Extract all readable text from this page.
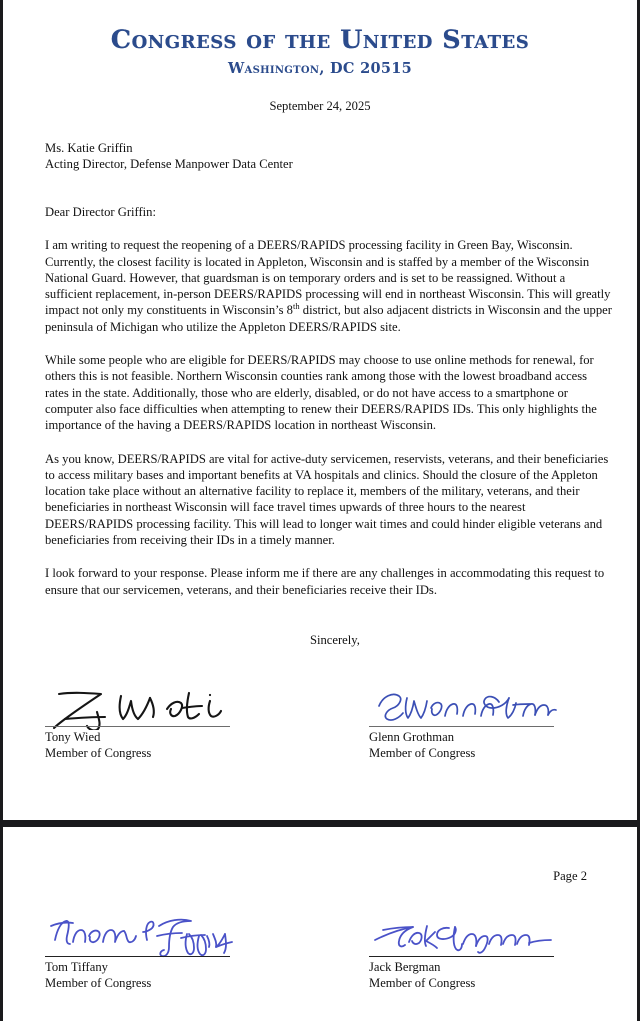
Congress of the United States
Washington, DC 20515
September 24, 2025
Ms. Katie Griffin
Acting Director, Defense Manpower Data Center
Dear Director Griffin:

I am writing to request the reopening of a DEERS/RAPIDS processing facility in Green Bay, Wisconsin. Currently, the closest facility is located in Appleton, Wisconsin and is staffed by a member of the Wisconsin National Guard. However, that guardsman is on temporary orders and is set to be reassigned. Without a sufficient replacement, in-person DEERS/RAPIDS processing will end in northeast Wisconsin. This will greatly impact not only my constituents in Wisconsin’s 8th district, but also adjacent districts in Wisconsin and the upper peninsula of Michigan who utilize the Appleton DEERS/RAPIDS site.

While some people who are eligible for DEERS/RAPIDS may choose to use online methods for renewal, for others this is not feasible. Northern Wisconsin counties rank among those with the lowest broadband access rates in the state. Additionally, those who are elderly, disabled, or do not have access to a smartphone or computer also face difficulties when attempting to renew their DEERS/RAPIDS IDs. This only highlights the importance of the having a DEERS/RAPIDS location in northeast Wisconsin.

As you know, DEERS/RAPIDS are vital for active-duty servicemen, reservists, veterans, and their beneficiaries to access military bases and important benefits at VA hospitals and clinics. Should the closure of the Appleton location take place without an alternative facility to replace it, members of the military, veterans, and their beneficiaries in northeast Wisconsin will face travel times upwards of three hours to the nearest DEERS/RAPIDS processing facility. This will lead to longer wait times and could hinder eligible veterans and beneficiaries from receiving their IDs in a timely manner.

I look forward to your response. Please inform me if there are any challenges in accommodating this request to ensure that our servicemen, veterans, and their beneficiaries receive their IDs.

Sincerely,
Tony Wied
Member of Congress
Glenn Grothman
Member of Congress
Page 2
Tom Tiffany
Member of Congress
Jack Bergman
Member of Congress
